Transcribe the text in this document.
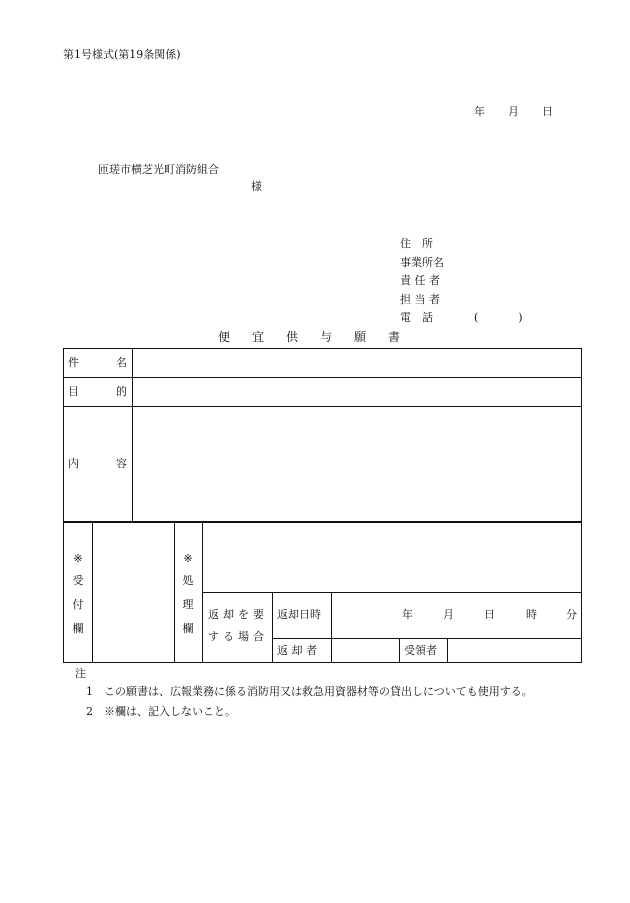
第1号様式(第19条関係)
年 月 日
匝瑳市横芝光町消防組合
様
住　所
事業所名
責 任 者
担 当 者
電　話	(　　)
便　宜　供　与　願　書
件	名
目	的
内	容
※
受
付
欄
※
処
理
欄
返却を要
する場合
返却日時	年	月	日	時	分
返 却 者	受領者
注
1 この願書は、広報業務に係る消防用又は救急用資器材等の貸出しについても使用する。
2 ※欄は、記入しないこと。
